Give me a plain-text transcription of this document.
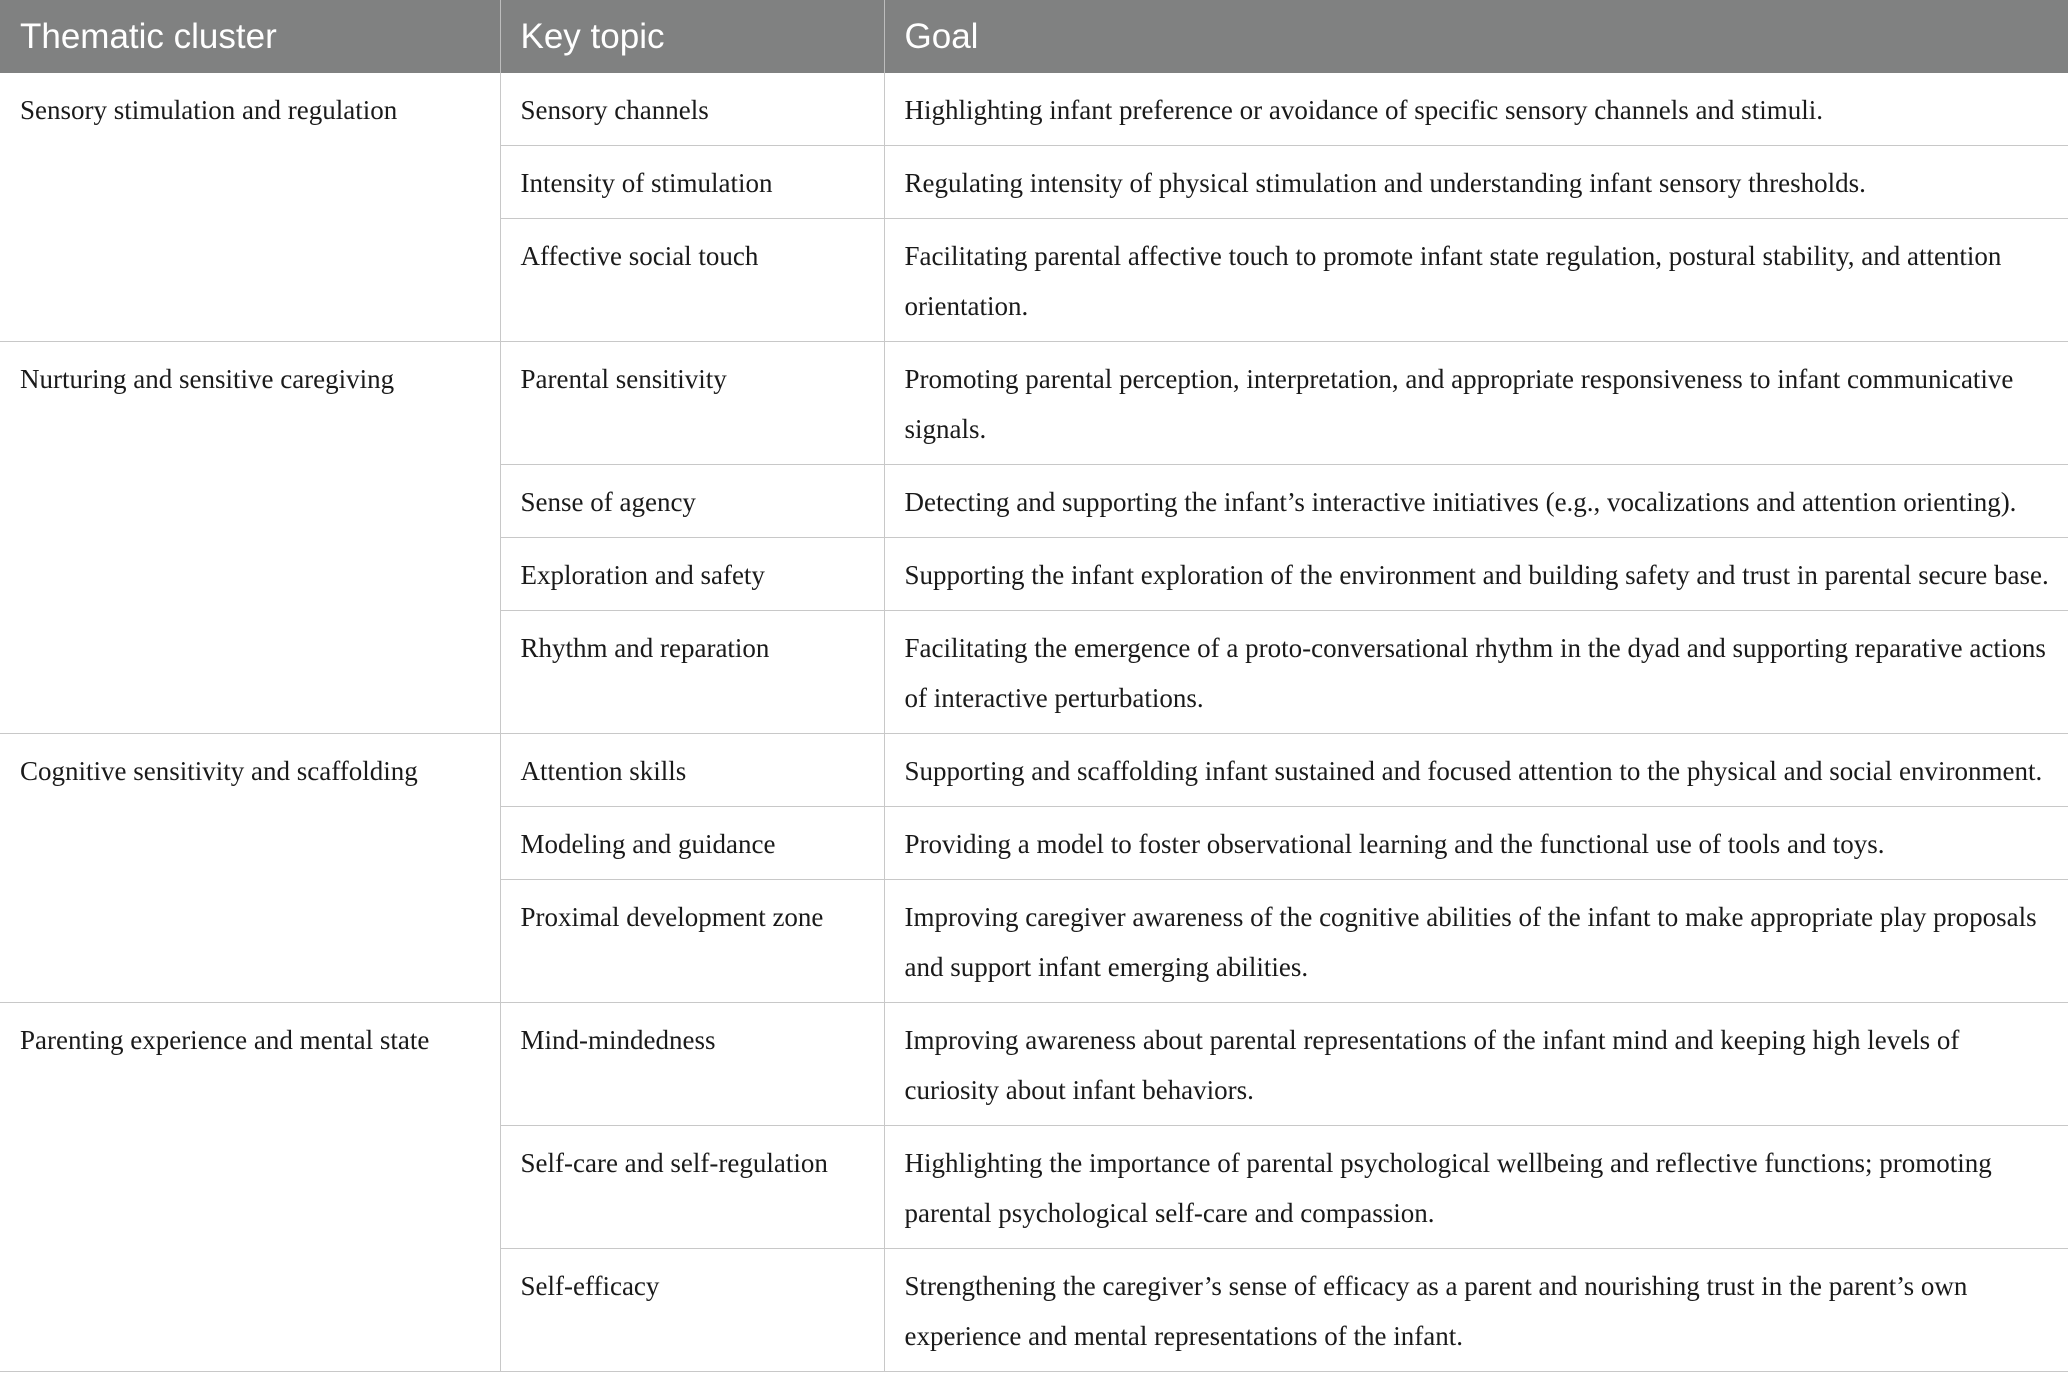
Thematic cluster	Key topic	Goal
Sensory stimulation and regulation	Sensory channels	Highlighting infant preference or avoidance of specific sensory channels and stimuli.
	Intensity of stimulation	Regulating intensity of physical stimulation and understanding infant sensory thresholds.
	Affective social touch	Facilitating parental affective touch to promote infant state regulation, postural stability, and attention orientation.
Nurturing and sensitive caregiving	Parental sensitivity	Promoting parental perception, interpretation, and appropriate responsiveness to infant communicative signals.
	Sense of agency	Detecting and supporting the infant’s interactive initiatives (e.g., vocalizations and attention orienting).
	Exploration and safety	Supporting the infant exploration of the environment and building safety and trust in parental secure base.
	Rhythm and reparation	Facilitating the emergence of a proto-conversational rhythm in the dyad and supporting reparative actions of interactive perturbations.
Cognitive sensitivity and scaffolding	Attention skills	Supporting and scaffolding infant sustained and focused attention to the physical and social environment.
	Modeling and guidance	Providing a model to foster observational learning and the functional use of tools and toys.
	Proximal development zone	Improving caregiver awareness of the cognitive abilities of the infant to make appropriate play proposals and support infant emerging abilities.
Parenting experience and mental state	Mind-mindedness	Improving awareness about parental representations of the infant mind and keeping high levels of curiosity about infant behaviors.
	Self-care and self-regulation	Highlighting the importance of parental psychological wellbeing and reflective functions; promoting parental psychological self-care and compassion.
	Self-efficacy	Strengthening the caregiver’s sense of efficacy as a parent and nourishing trust in the parent’s own experience and mental representations of the infant.
